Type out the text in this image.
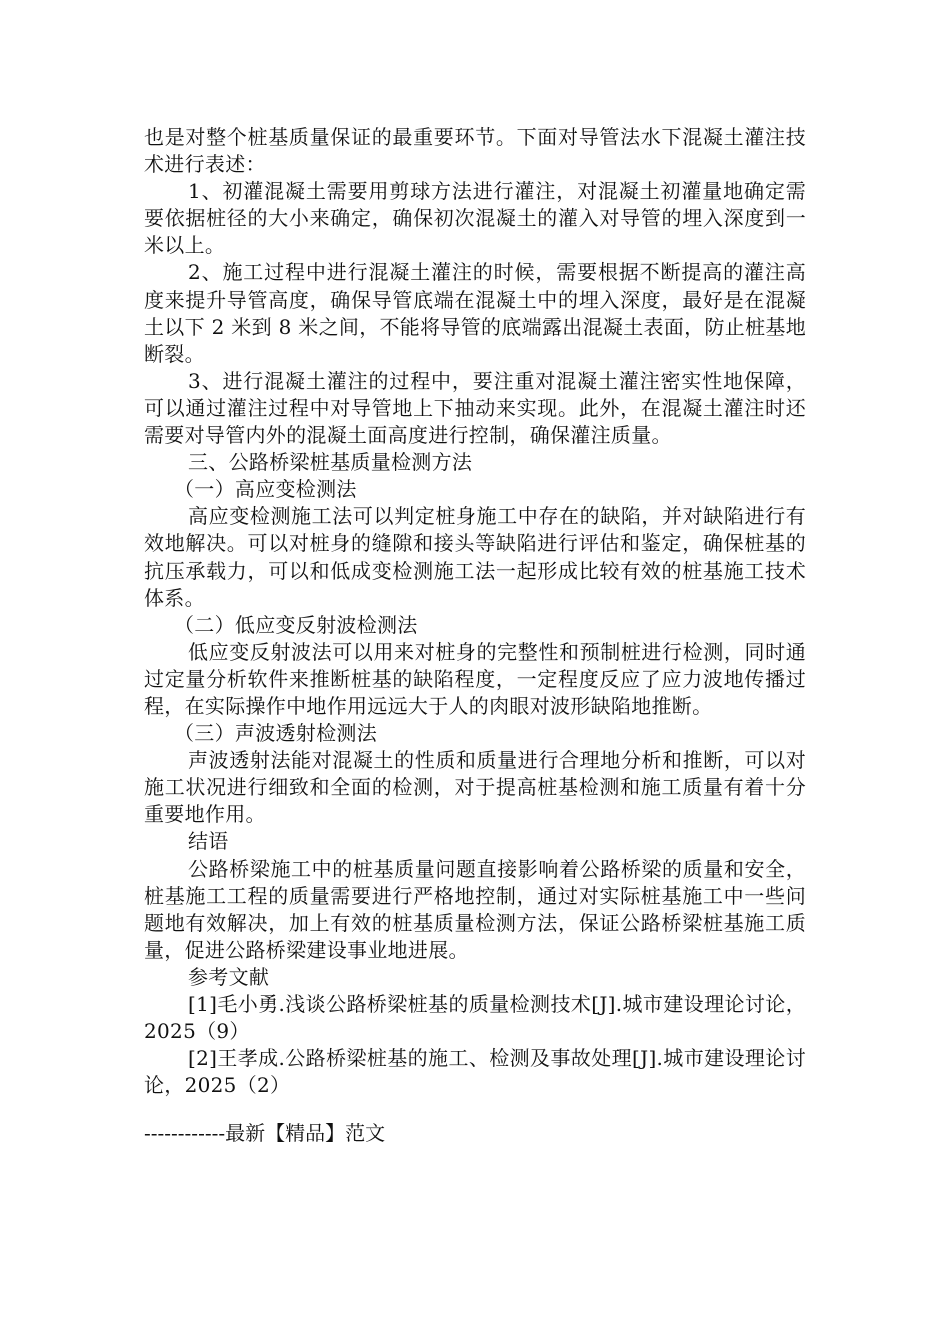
也是对整个桩基质量保证的最重要环节。下面对导管法水下混凝土灌注技术进行表述：

1、初灌混凝土需要用剪球方法进行灌注，对混凝土初灌量地确定需要依据桩径的大小来确定，确保初次混凝土的灌入对导管的埋入深度到一米以上。

2、施工过程中进行混凝土灌注的时候，需要根据不断提高的灌注高度来提升导管高度，确保导管底端在混凝土中的埋入深度，最好是在混凝土以下 2 米到 8 米之间，不能将导管的底端露出混凝土表面，防止桩基地断裂。

3、进行混凝土灌注的过程中，要注重对混凝土灌注密实性地保障，可以通过灌注过程中对导管地上下抽动来实现。此外，在混凝土灌注时还需要对导管内外的混凝土面高度进行控制，确保灌注质量。

三、公路桥梁桩基质量检测方法

（一）高应变检测法

高应变检测施工法可以判定桩身施工中存在的缺陷，并对缺陷进行有效地解决。可以对桩身的缝隙和接头等缺陷进行评估和鉴定，确保桩基的抗压承载力，可以和低成变检测施工法一起形成比较有效的桩基施工技术体系。

（二）低应变反射波检测法

低应变反射波法可以用来对桩身的完整性和预制桩进行检测，同时通过定量分析软件来推断桩基的缺陷程度，一定程度反应了应力波地传播过程，在实际操作中地作用远远大于人的肉眼对波形缺陷地推断。

（三）声波透射检测法

声波透射法能对混凝土的性质和质量进行合理地分析和推断，可以对施工状况进行细致和全面的检测，对于提高桩基检测和施工质量有着十分重要地作用。

结语

公路桥梁施工中的桩基质量问题直接影响着公路桥梁的质量和安全，桩基施工工程的质量需要进行严格地控制，通过对实际桩基施工中一些问题地有效解决，加上有效的桩基质量检测方法，保证公路桥梁桩基施工质量，促进公路桥梁建设事业地进展。

参考文献

[1]毛小勇.浅谈公路桥梁桩基的质量检测技术[J].城市建设理论讨论，2025（9）

[2]王孝成.公路桥梁桩基的施工、检测及事故处理[J].城市建设理论讨论，2025（2）

------------最新【精品】范文
